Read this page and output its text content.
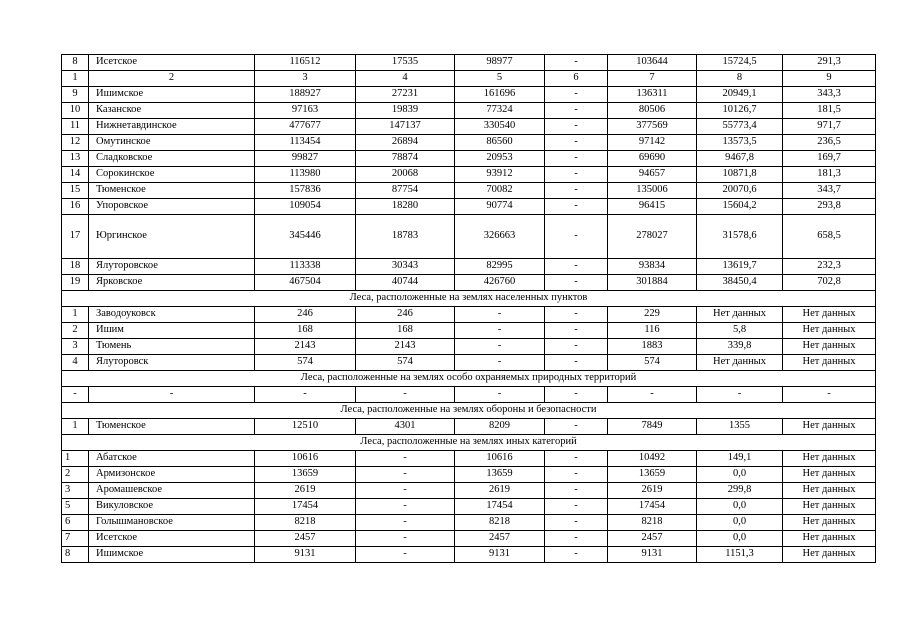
8	Исетское	116512	17535	98977	-	103644	15724,5	291,3
1	2	3	4	5	6	7	8	9
9	Ишимское	188927	27231	161696	-	136311	20949,1	343,3
10	Казанское	97163	19839	77324	-	80506	10126,7	181,5
11	Нижнетавдинское	477677	147137	330540	-	377569	55773,4	971,7
12	Омутинское	113454	26894	86560	-	97142	13573,5	236,5
13	Сладковское	99827	78874	20953	-	69690	9467,8	169,7
14	Сорокинское	113980	20068	93912	-	94657	10871,8	181,3
15	Тюменское	157836	87754	70082	-	135006	20070,6	343,7
16	Упоровское	109054	18280	90774	-	96415	15604,2	293,8
17	Юргинское	345446	18783	326663	-	278027	31578,6	658,5
18	Ялуторовское	113338	30343	82995	-	93834	13619,7	232,3
19	Ярковское	467504	40744	426760	-	301884	38450,4	702,8
Леса, расположенные на землях населенных пунктов								
1	Заводоуковск	246	246	-	-	229	Нет данных	Нет данных
2	Ишим	168	168	-	-	116	5,8	Нет данных
3	Тюмень	2143	2143	-	-	1883	339,8	Нет данных
4	Ялуторовск	574	574	-	-	574	Нет данных	Нет данных
Леса, расположенные на землях особо охраняемых природных территорий								
-	-	-	-	-	-	-	-	-
Леса, расположенные на землях обороны и безопасности								
1	Тюменское	12510	4301	8209	-	7849	1355	Нет данных
Леса, расположенные на землях иных категорий								
1	Абатское	10616	-	10616	-	10492	149,1	Нет данных
2	Армизонское	13659	-	13659	-	13659	0,0	Нет данных
3	Аромашевское	2619	-	2619	-	2619	299,8	Нет данных
5	Викуловское	17454	-	17454	-	17454	0,0	Нет данных
6	Голышмановское	8218	-	8218	-	8218	0,0	Нет данных
7	Исетское	2457	-	2457	-	2457	0,0	Нет данных
8	Ишимское	9131	-	9131	-	9131	1151,3	Нет данных
